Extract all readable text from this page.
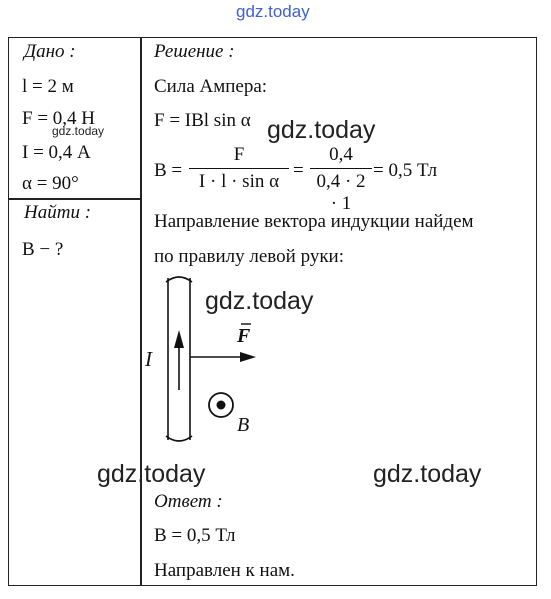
gdz.today
Дано :
l = 2 м
F = 0,4 Н
gdz.today
I = 0,4 А
α = 90°
Найти :
B − ?
Решение :
Сила Ампера:
F = IBl sin α gdz.today
B =
F
I · l · sin α
=
0,4
0,4 · 2 · 1
= 0,5 Тл
Направление вектора индукции найдем
по правилу левой руки:
I
F
B
gdz.today
gdz.today	gdz.today
Ответ :
B = 0,5 Тл
Направлен к нам.
